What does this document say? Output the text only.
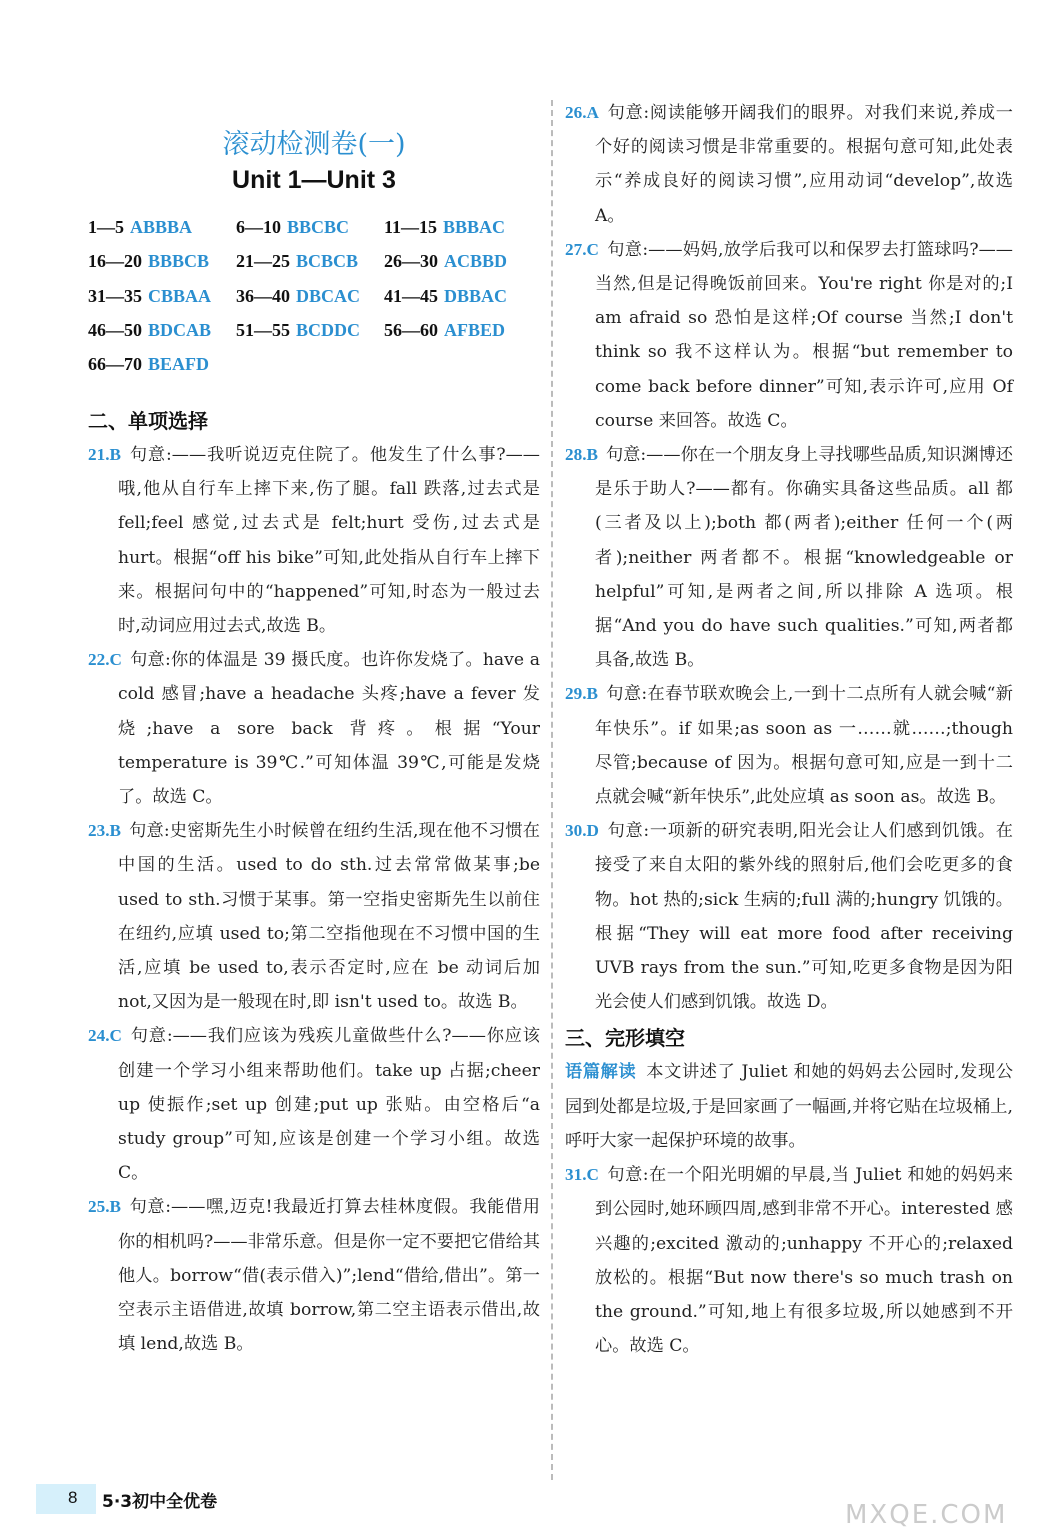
滚动检测卷(一)
Unit 1—Unit 3
1—5 ABBBA 6—10 BBCBC 11—15 BBBAC
16—20 BBBCB 21—25 BCBCB 26—30 ACBBD
31—35 CBBAA 36—40 DBCAC 41—45 DBBAC
46—50 BDCAB 51—55 BCDDC 56—60 AFBED
66—70 BEAFD
二、单项选择

21.B 句意:——我听说迈克住院了。他发生了什么事?——哦,他从自行车上摔下来,伤了腿。fall 跌落,过去式是 fell;feel 感觉,过去式是 felt;hurt 受伤,过去式是 hurt。根据“off his bike”可知,此处指从自行车上摔下来。根据问句中的“happened”可知,时态为一般过去时,动词应用过去式,故选 B。

22.C 句意:你的体温是 39 摄氏度。也许你发烧了。have a cold 感冒;have a headache 头疼;have a fever 发烧;have a sore back 背疼。根据“Your temperature is 39℃.”可知体温 39℃,可能是发烧了。故选 C。

23.B 句意:史密斯先生小时候曾在纽约生活,现在他不习惯在中国的生活。used to do sth.过去常常做某事;be used to sth.习惯于某事。第一空指史密斯先生以前住在纽约,应填 used to;第二空指他现在不习惯中国的生活,应填 be used to,表示否定时,应在 be 动词后加 not,又因为是一般现在时,即 isn't used to。故选 B。

24.C 句意:——我们应该为残疾儿童做些什么?——你应该创建一个学习小组来帮助他们。take up 占据;cheer up 使振作;set up 创建;put up 张贴。由空格后“a study group”可知,应该是创建一个学习小组。故选 C。

25.B 句意:——嘿,迈克!我最近打算去桂林度假。我能借用你的相机吗?——非常乐意。但是你一定不要把它借给其他人。borrow“借(表示借入)”;lend“借给,借出”。第一空表示主语借进,故填 borrow,第二空主语表示借出,故填 lend,故选 B。

26.A 句意:阅读能够开阔我们的眼界。对我们来说,养成一个好的阅读习惯是非常重要的。根据句意可知,此处表示“养成良好的阅读习惯”,应用动词“develop”,故选 A。

27.C 句意:——妈妈,放学后我可以和保罗去打篮球吗?——当然,但是记得晚饭前回来。You're right 你是对的;I am afraid so 恐怕是这样;Of course 当然;I don't think so 我不这样认为。根据“but remember to come back before dinner”可知,表示许可,应用 Of course 来回答。故选 C。

28.B 句意:——你在一个朋友身上寻找哪些品质,知识渊博还是乐于助人?——都有。你确实具备这些品质。all 都(三者及以上);both 都(两者);either 任何一个(两者);neither 两者都不。根据“knowledgeable or helpful”可知,是两者之间,所以排除 A 选项。根据“And you do have such qualities.”可知,两者都具备,故选 B。

29.B 句意:在春节联欢晚会上,一到十二点所有人就会喊“新年快乐”。if 如果;as soon as 一……就……;though 尽管;because of 因为。根据句意可知,应是一到十二点就会喊“新年快乐”,此处应填 as soon as。故选 B。

30.D 句意:一项新的研究表明,阳光会让人们感到饥饿。在接受了来自太阳的紫外线的照射后,他们会吃更多的食物。hot 热的;sick 生病的;full 满的;hungry 饥饿的。根据“They will eat more food after receiving UVB rays from the sun.”可知,吃更多食物是因为阳光会使人们感到饥饿。故选 D。

三、完形填空

语篇解读 本文讲述了 Juliet 和她的妈妈去公园时,发现公园到处都是垃圾,于是回家画了一幅画,并将它贴在垃圾桶上,呼吁大家一起保护环境的故事。

31.C 句意:在一个阳光明媚的早晨,当 Juliet 和她的妈妈来到公园时,她环顾四周,感到非常不开心。interested 感兴趣的;excited 激动的;unhappy 不开心的;relaxed 放松的。根据“But now there's so much trash on the ground.”可知,地上有很多垃圾,所以她感到不开心。故选 C。

8 5·3初中全优卷	MXQE.COM
